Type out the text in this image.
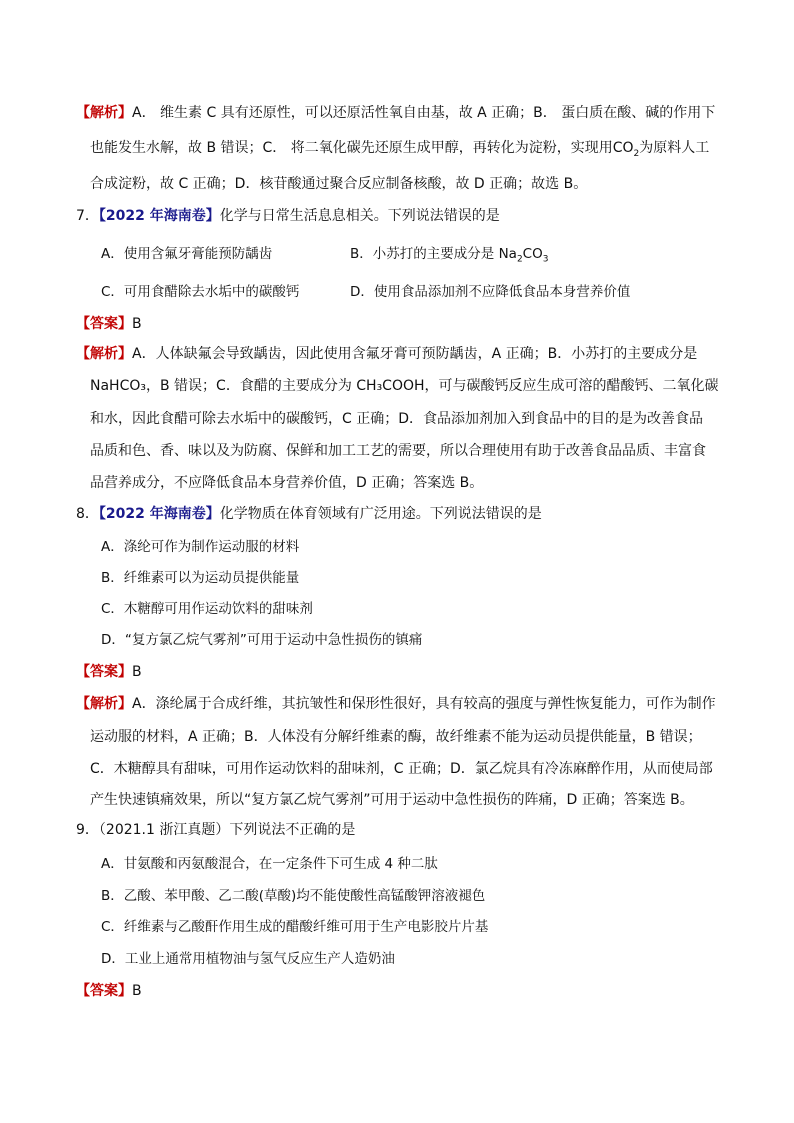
【解析】A． 维生素 C 具有还原性，可以还原活性氧自由基，故 A 正确；B． 蛋白质在酸、碱的作用下
也能发生水解，故 B 错误；C． 将二氧化碳先还原生成甲醇，再转化为淀粉，实现用$CO_2$为原料人工
合成淀粉，故 C 正确；D．核苷酸通过聚合反应制备核酸，故 D 正确；故选 B。
7．【2022 年海南卷】化学与日常生活息息相关。下列说法错误的是
A．使用含氟牙膏能预防龋齿	B．小苏打的主要成分是 $Na_2CO_3$
C．可用食醋除去水垢中的碳酸钙	D．使用食品添加剂不应降低食品本身营养价值
【答案】B
【解析】A．人体缺氟会导致龋齿，因此使用含氟牙膏可预防龋齿，A 正确；B．小苏打的主要成分是
NaHCO₃，B 错误；C．食醋的主要成分为 CH₃COOH，可与碳酸钙反应生成可溶的醋酸钙、二氧化碳
和水，因此食醋可除去水垢中的碳酸钙，C 正确；D．食品添加剂加入到食品中的目的是为改善食品
品质和色、香、味以及为防腐、保鲜和加工工艺的需要，所以合理使用有助于改善食品品质、丰富食
品营养成分，不应降低食品本身营养价值，D 正确；答案选 B。
8．【2022 年海南卷】化学物质在体育领域有广泛用途。下列说法错误的是
A．涤纶可作为制作运动服的材料
B．纤维素可以为运动员提供能量
C．木糖醇可用作运动饮料的甜味剂
D．“复方氯乙烷气雾剂”可用于运动中急性损伤的镇痛
【答案】B
【解析】A．涤纶属于合成纤维，其抗皱性和保形性很好，具有较高的强度与弹性恢复能力，可作为制作
运动服的材料，A 正确；B．人体没有分解纤维素的酶，故纤维素不能为运动员提供能量，B 错误；
C．木糖醇具有甜味，可用作运动饮料的甜味剂，C 正确；D．氯乙烷具有冷冻麻醉作用，从而使局部
产生快速镇痛效果，所以“复方氯乙烷气雾剂”可用于运动中急性损伤的阵痛，D 正确；答案选 B。
9．（2021.1 浙江真题）下列说法不正确的是
A．甘氨酸和丙氨酸混合，在一定条件下可生成 4 种二肽
B．乙酸、苯甲酸、乙二酸(草酸)均不能使酸性高锰酸钾溶液褪色
C．纤维素与乙酸酐作用生成的醋酸纤维可用于生产电影胶片片基
D．工业上通常用植物油与氢气反应生产人造奶油
【答案】B
